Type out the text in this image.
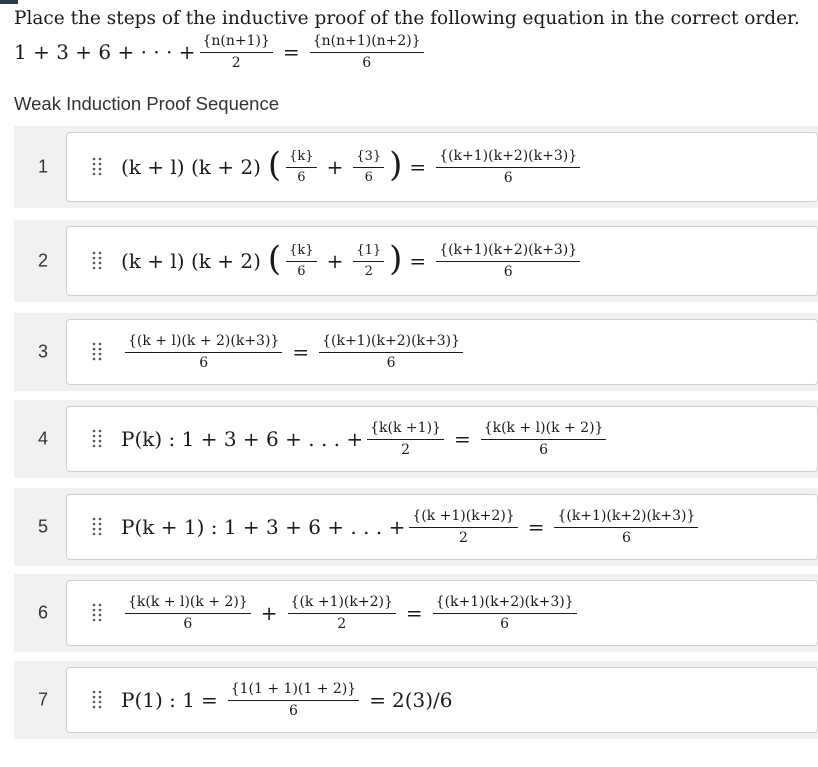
Place the steps of the inductive proof of the following equation in the correct order.
1 + 3 + 6 + · · · + $\frac{\{n(n+1)\}}{2} = \frac{\{n(n+1)(n+2)\}}{6}$
Weak Induction Proof Sequence
1	(k + l) (k + 2) ( $\frac{\{k\}}{6} + \frac{\{3\}}{6}$ ) = $\frac{\{(k+1)(k+2)(k+3)\}}{6}$
2	(k + l) (k + 2) ( $\frac{\{k\}}{6} + \frac{\{1\}}{2}$ ) = $\frac{\{(k+1)(k+2)(k+3)\}}{6}$
3	$\frac{\{(k + l)(k + 2)(k+3)\}}{6} = \frac{\{(k+1)(k+2)(k+3)\}}{6}$
4	P(k) : 1 + 3 + 6 + . . . + $\frac{\{k(k +1)\}}{2} = \frac{\{k(k + l)(k + 2)\}}{6}$
5	P(k + 1) : 1 + 3 + 6 + . . . + $\frac{\{(k +1)(k+2)\}}{2} = \frac{\{(k+1)(k+2)(k+3)\}}{6}$
6	$\frac{\{k(k + l)(k + 2)\}}{6} + \frac{\{(k +1)(k+2)\}}{2} = \frac{\{(k+1)(k+2)(k+3)\}}{6}$
7	P(1) : $1 = \frac{\{1(1 + 1)(1 + 2)\}}{6} = 2(3)/6$
